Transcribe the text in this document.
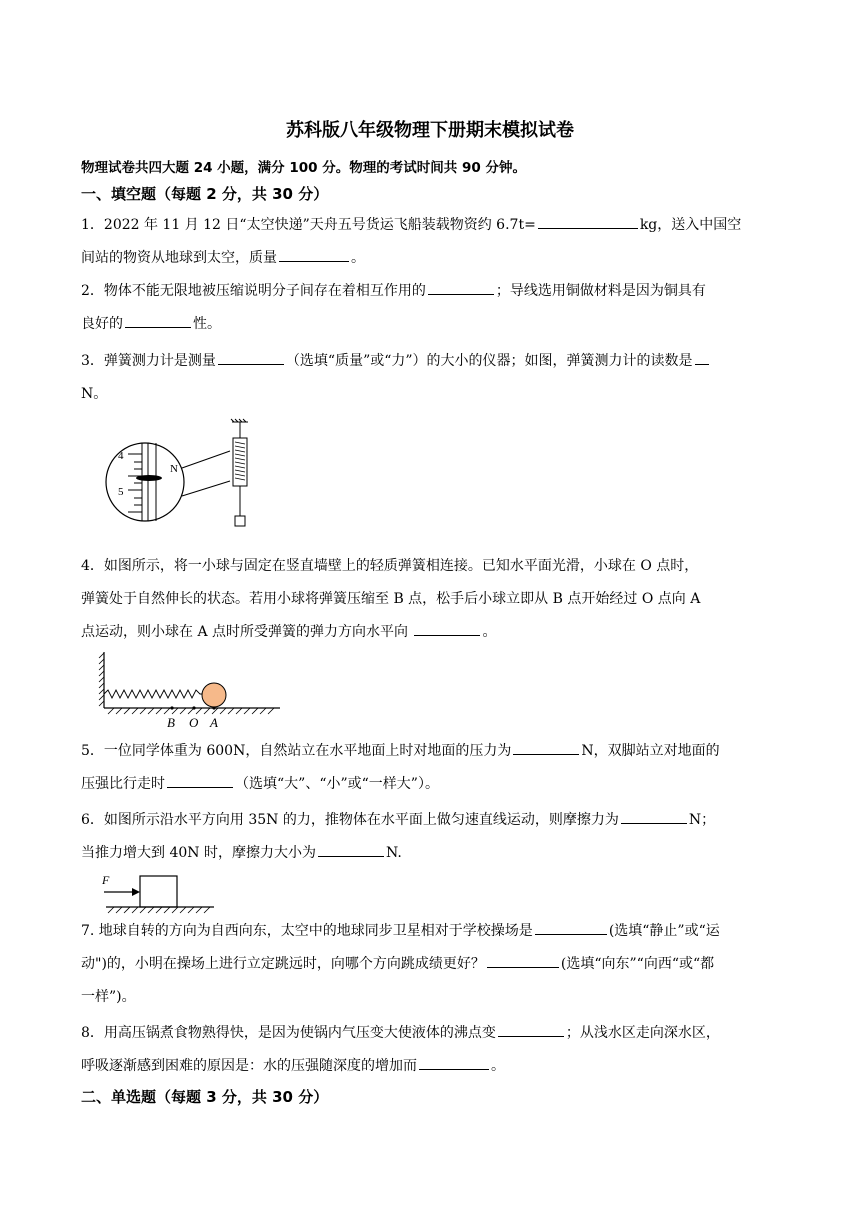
苏科版八年级物理下册期末模拟试卷
物理试卷共四大题 24 小题，满分 100 分。物理的考试时间共 90 分钟。
一、填空题（每题 2 分，共 30 分）
1．2022 年 11 月 12 日“太空快递”天舟五号货运飞船装载物资约 6.7t=	kg，送入中国空
间站的物资从地球到太空，质量	。
2．物体不能无限地被压缩说明分子间存在着相互作用的	；导线选用铜做材料是因为铜具有
良好的	性。
3．弹簧测力计是测量	（选填“质量”或“力”）的大小的仪器；如图，弹簧测力计的读数是
N。
4
5
N
4．如图所示，将一小球与固定在竖直墙壁上的轻质弹簧相连接。已知水平面光滑，小球在 O 点时，
弹簧处于自然伸长的状态。若用小球将弹簧压缩至 B 点，松手后小球立即从 B 点开始经过 O 点向 A
点运动，则小球在 A 点时所受弹簧的弹力方向水平向	。
B O A
5．一位同学体重为 600N，自然站立在水平地面上时对地面的压力为	N，双脚站立对地面的
压强比行走时	（选填“大”、“小”或“一样大”）。
6．如图所示沿水平方向用 35N 的力，推物体在水平面上做匀速直线运动，则摩擦力为	N；
当推力增大到 40N 时，摩擦力大小为	N.
F
7. 地球自转的方向为自西向东，太空中的地球同步卫星相对于学校操场是	(选填“静止”或“运
动")的，小明在操场上进行立定跳远时，向哪个方向跳成绩更好？	(选填“向东”“向西“或“都
一样”)。
8．用高压锅煮食物熟得快，是因为使锅内气压变大使液体的沸点变	；从浅水区走向深水区，
呼吸逐渐感到困难的原因是：水的压强随深度的增加而	。
二、单选题（每题 3 分，共 30 分）
